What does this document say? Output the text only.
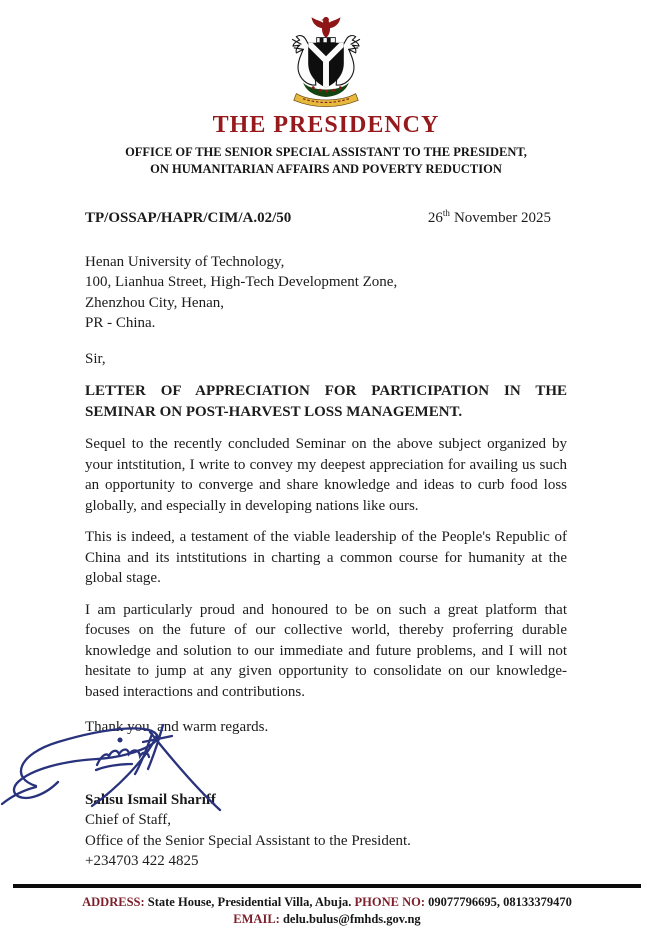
THE PRESIDENCY
OFFICE OF THE SENIOR SPECIAL ASSISTANT TO THE PRESIDENT,
ON HUMANITARIAN AFFAIRS AND POVERTY REDUCTION
TP/OSSAP/HAPR/CIM/A.02/50	26th November 2025
Henan University of Technology,
100, Lianhua Street, High-Tech Development Zone,
Zhenzhou City, Henan,
PR - China.
Sir,
LETTER OF APPRECIATION FOR PARTICIPATION IN THE
SEMINAR ON POST-HARVEST LOSS MANAGEMENT.

Sequel to the recently concluded Seminar on the above subject organized by your intstitution, I write to convey my deepest appreciation for availing us such an opportunity to converge and share knowledge and ideas to curb food loss globally, and especially in developing nations like ours.

This is indeed, a testament of the viable leadership of the People's Republic of China and its intstitutions in charting a common course for humanity at the global stage.

I am particularly proud and honoured to be on such a great platform that focuses on the future of our collective world, thereby proferring durable knowledge and solution to our immediate and future problems, and I will not hesitate to jump at any given opportunity to consolidate on our knowledge-based interactions and contributions.

Thank you, and warm regards.
Salisu Ismail Shariff
Chief of Staff,
Office of the Senior Special Assistant to the President.
+234703 422 4825
ADDRESS: State House, Presidential Villa, Abuja. PHONE NO: 09077796695, 08133379470
EMAIL: delu.bulus@fmhds.gov.ng
